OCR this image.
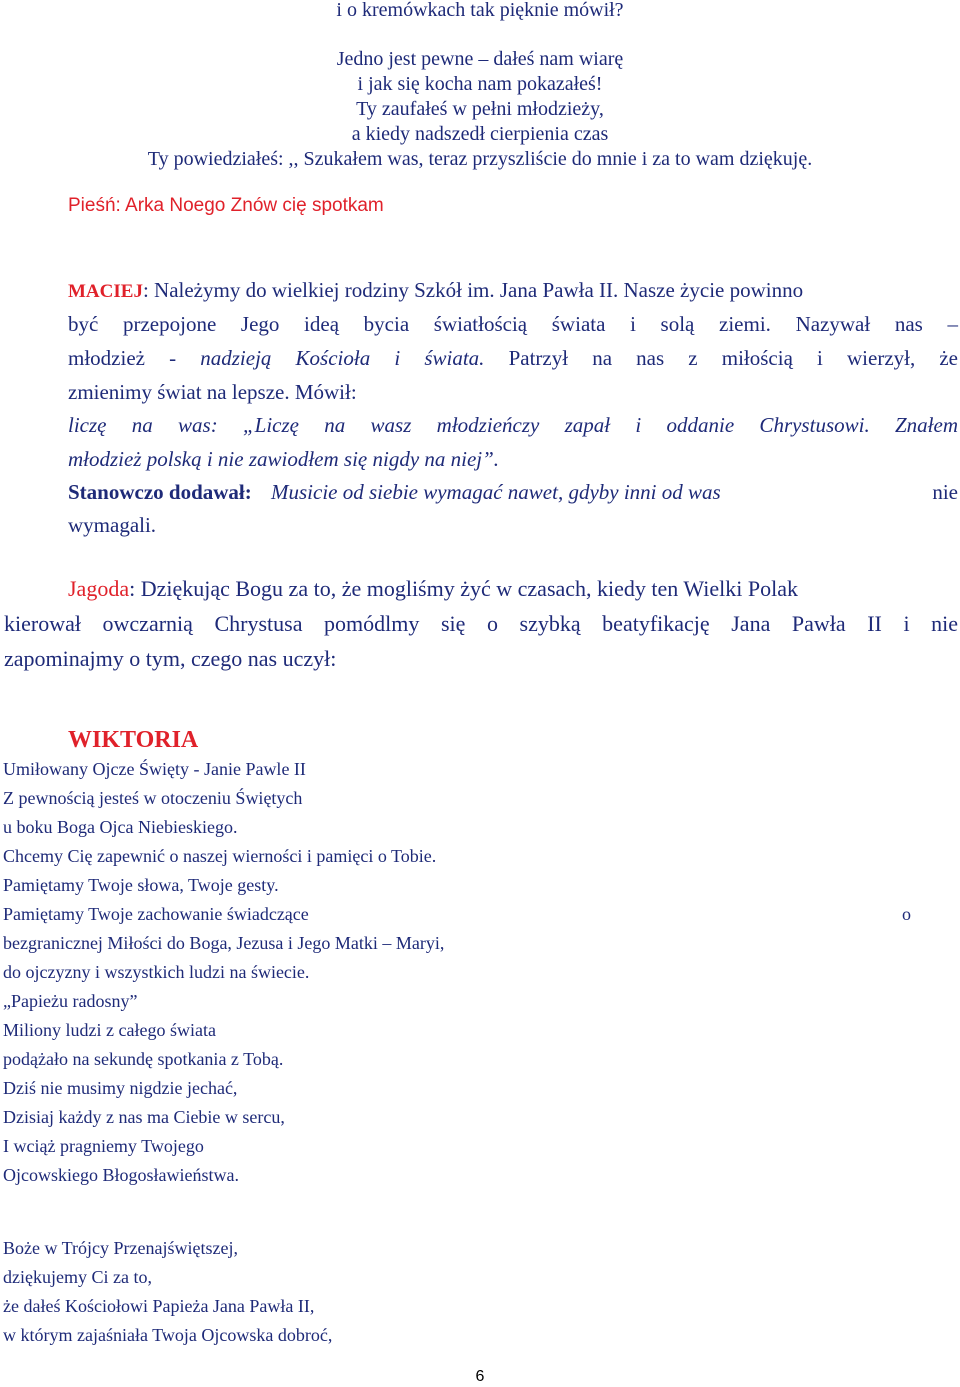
i o kremówkach tak pięknie mówił?
Jedno jest pewne – dałeś nam wiarę
i jak się kocha nam pokazałeś!
Ty zaufałeś w pełni młodzieży,
a kiedy nadszedł cierpienia czas
Ty powiedziałeś: ,, Szukałem was, teraz przyszliście do mnie i za to wam dziękuję.
Pieśń: Arka Noego Znów cię spotkam
MACIEJ: Należymy do wielkiej rodziny Szkół im. Jana Pawła II. Nasze życie powinno
być przepojone Jego ideą bycia światłością świata i solą ziemi. Nazywał nas –
młodzież - nadzieją Kościoła i świata. Patrzył na nas z miłością i wierzył, że
zmienimy świat na lepsze. Mówił:
liczę na was: „Liczę na wasz młodzieńczy zapał i oddanie Chrystusowi. Znałem
młodzież polską i nie zawiodłem się nigdy na niej”.
Stanowczo dodawał: Musicie od siebie wymagać nawet, gdyby inni od was	nie
wymagali.
Jagoda: Dziękując Bogu za to, że mogliśmy żyć w czasach, kiedy ten Wielki Polak
kierował owczarnią Chrystusa pomódlmy się o szybką beatyfikację Jana Pawła II i nie
zapominajmy o tym, czego nas uczył:
WIKTORIA
Umiłowany Ojcze Święty - Janie Pawle II
Z pewnością jesteś w otoczeniu Świętych
u boku Boga Ojca Niebieskiego.
Chcemy Cię zapewnić o naszej wierności i pamięci o Tobie.
Pamiętamy Twoje słowa, Twoje gesty.
Pamiętamy Twoje zachowanie świadczące	o
bezgranicznej Miłości do Boga, Jezusa i Jego Matki – Maryi,
do ojczyzny i wszystkich ludzi na świecie.
„Papieżu radosny”
Miliony ludzi z całego świata
podążało na sekundę spotkania z Tobą.
Dziś nie musimy nigdzie jechać,
Dzisiaj każdy z nas ma Ciebie w sercu,
I wciąż pragniemy Twojego
Ojcowskiego Błogosławieństwa.
Boże w Trójcy Przenajświętszej,
dziękujemy Ci za to,
że dałeś Kościołowi Papieża Jana Pawła II,
w którym zajaśniała Twoja Ojcowska dobroć,
6
